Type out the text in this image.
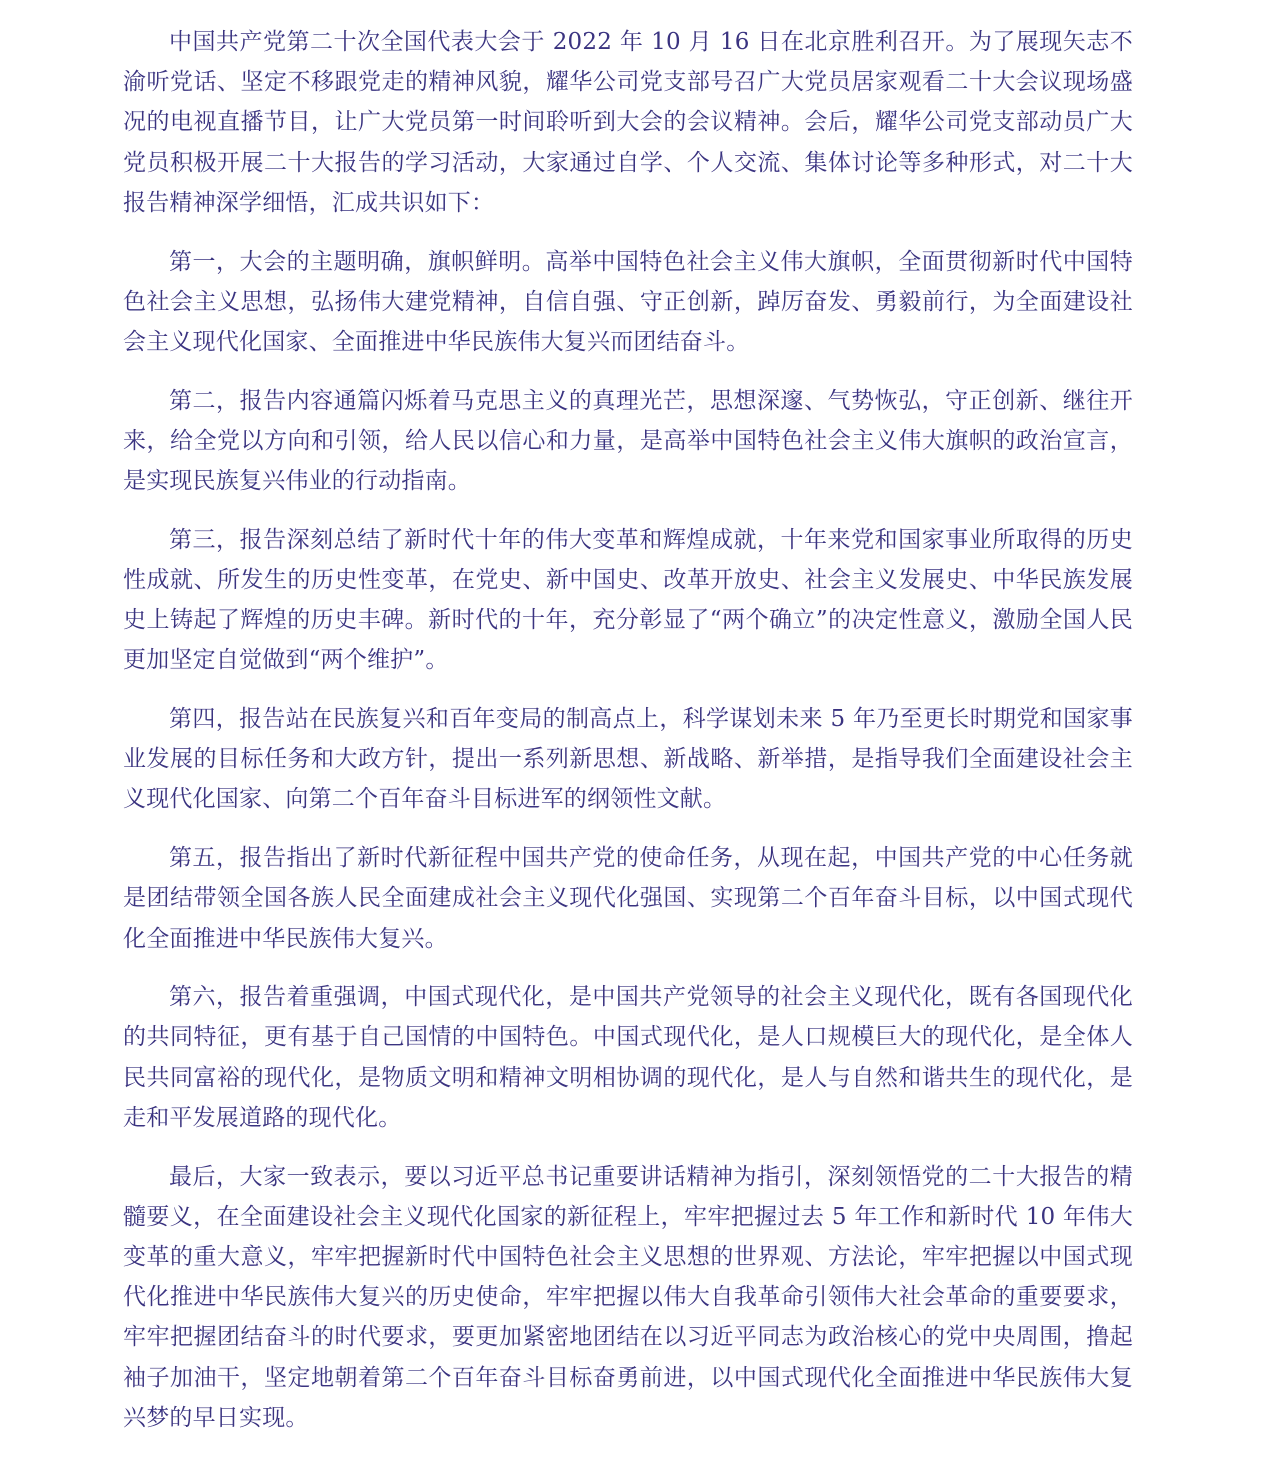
中国共产党第二十次全国代表大会于 2022 年 10 月 16 日在北京胜利召开。为了展现矢志不渝听党话、坚定不移跟党走的精神风貌，耀华公司党支部号召广大党员居家观看二十大会议现场盛况的电视直播节目，让广大党员第一时间聆听到大会的会议精神。会后，耀华公司党支部动员广大党员积极开展二十大报告的学习活动，大家通过自学、个人交流、集体讨论等多种形式，对二十大报告精神深学细悟，汇成共识如下：

第一，大会的主题明确，旗帜鲜明。高举中国特色社会主义伟大旗帜，全面贯彻新时代中国特色社会主义思想，弘扬伟大建党精神，自信自强、守正创新，踔厉奋发、勇毅前行，为全面建设社会主义现代化国家、全面推进中华民族伟大复兴而团结奋斗。

第二，报告内容通篇闪烁着马克思主义的真理光芒，思想深邃、气势恢弘，守正创新、继往开来，给全党以方向和引领，给人民以信心和力量，是高举中国特色社会主义伟大旗帜的政治宣言，是实现民族复兴伟业的行动指南。

第三，报告深刻总结了新时代十年的伟大变革和辉煌成就，十年来党和国家事业所取得的历史性成就、所发生的历史性变革，在党史、新中国史、改革开放史、社会主义发展史、中华民族发展史上铸起了辉煌的历史丰碑。新时代的十年，充分彰显了“两个确立”的决定性意义，激励全国人民更加坚定自觉做到“两个维护”。

第四，报告站在民族复兴和百年变局的制高点上，科学谋划未来 5 年乃至更长时期党和国家事业发展的目标任务和大政方针，提出一系列新思想、新战略、新举措，是指导我们全面建设社会主义现代化国家、向第二个百年奋斗目标进军的纲领性文献。

第五，报告指出了新时代新征程中国共产党的使命任务，从现在起，中国共产党的中心任务就是团结带领全国各族人民全面建成社会主义现代化强国、实现第二个百年奋斗目标，以中国式现代化全面推进中华民族伟大复兴。

第六，报告着重强调，中国式现代化，是中国共产党领导的社会主义现代化，既有各国现代化的共同特征，更有基于自己国情的中国特色。中国式现代化，是人口规模巨大的现代化，是全体人民共同富裕的现代化，是物质文明和精神文明相协调的现代化，是人与自然和谐共生的现代化，是走和平发展道路的现代化。

最后，大家一致表示，要以习近平总书记重要讲话精神为指引，深刻领悟党的二十大报告的精髓要义，在全面建设社会主义现代化国家的新征程上，牢牢把握过去 5 年工作和新时代 10 年伟大变革的重大意义，牢牢把握新时代中国特色社会主义思想的世界观、方法论，牢牢把握以中国式现代化推进中华民族伟大复兴的历史使命，牢牢把握以伟大自我革命引领伟大社会革命的重要要求，牢牢把握团结奋斗的时代要求，要更加紧密地团结在以习近平同志为政治核心的党中央周围，撸起袖子加油干，坚定地朝着第二个百年奋斗目标奋勇前进，以中国式现代化全面推进中华民族伟大复兴梦的早日实现。
